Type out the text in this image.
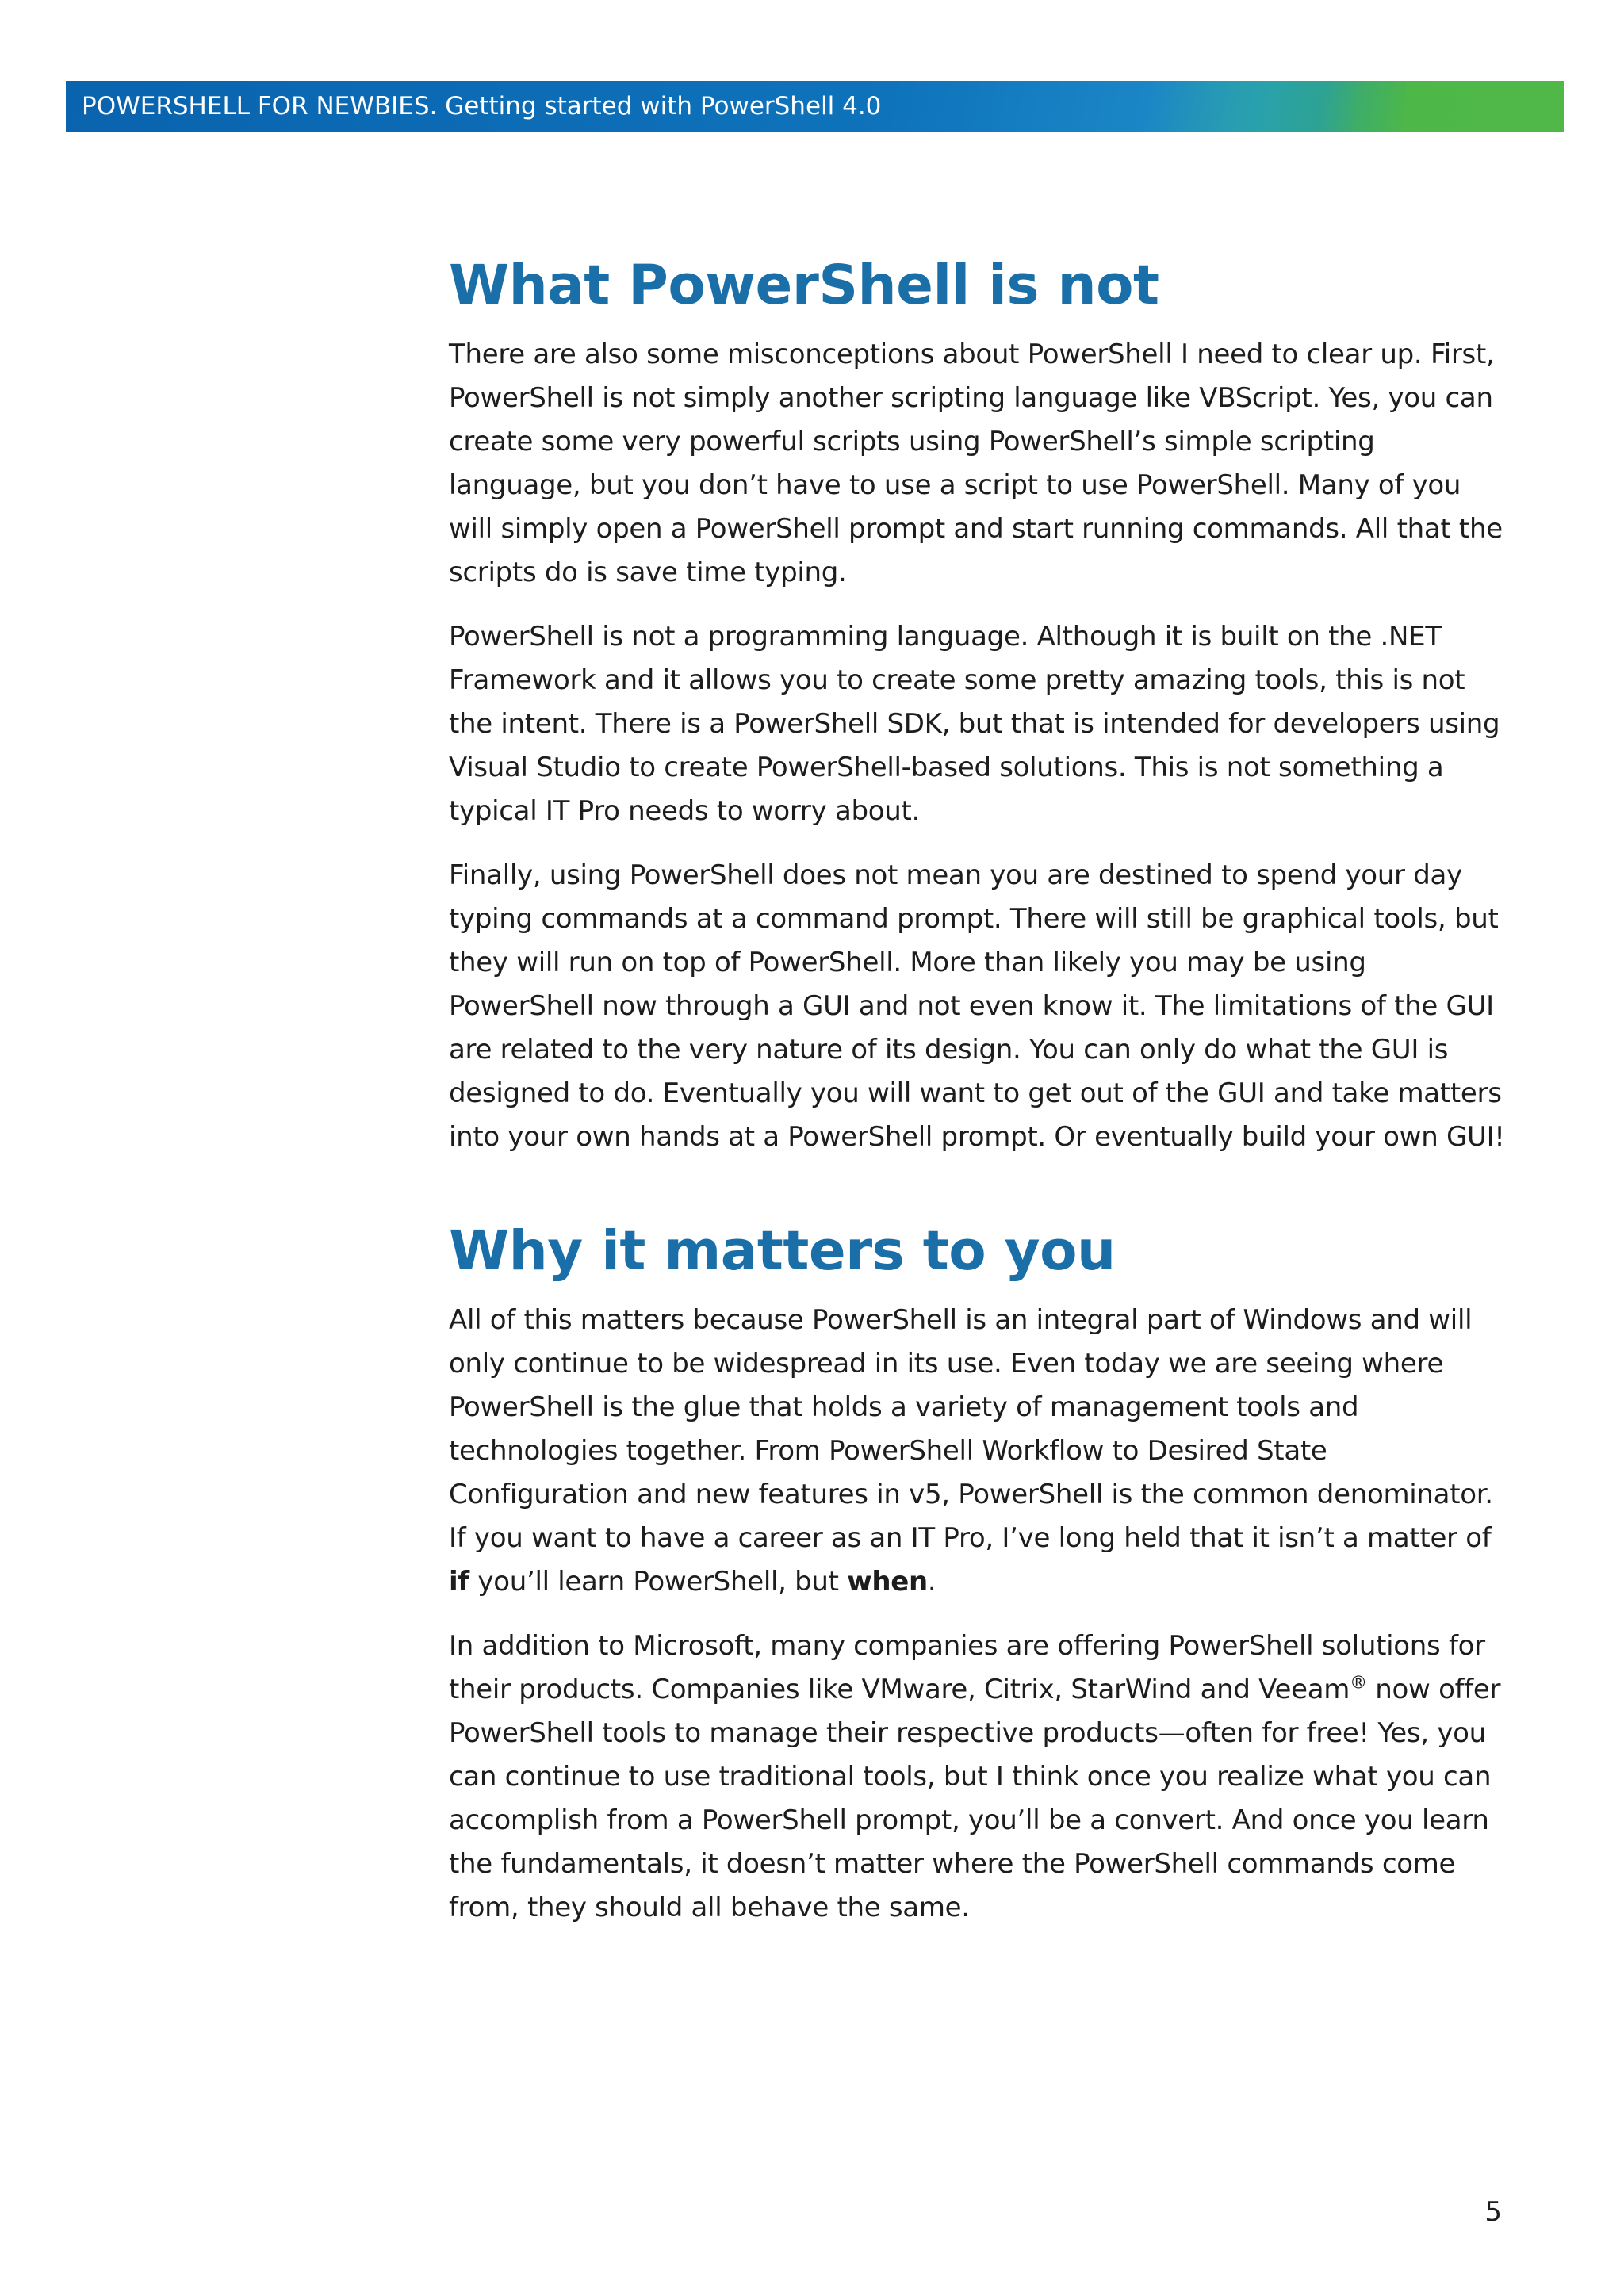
POWERSHELL FOR NEWBIES. Getting started with PowerShell 4.0
What PowerShell is not

There are also some misconceptions about PowerShell I need to clear up. First, PowerShell is not simply another scripting language like VBScript. Yes, you can create some very powerful scripts using PowerShell’s simple scripting language, but you don’t have to use a script to use PowerShell. Many of you will simply open a PowerShell prompt and start running commands. All that the scripts do is save time typing.

PowerShell is not a programming language. Although it is built on the .NET Framework and it allows you to create some pretty amazing tools, this is not the intent. There is a PowerShell SDK, but that is intended for developers using Visual Studio to create PowerShell-based solutions. This is not something a typical IT Pro needs to worry about.

Finally, using PowerShell does not mean you are destined to spend your day typing commands at a command prompt. There will still be graphical tools, but they will run on top of PowerShell. More than likely you may be using PowerShell now through a GUI and not even know it. The limitations of the GUI are related to the very nature of its design. You can only do what the GUI is designed to do. Eventually you will want to get out of the GUI and take matters into your own hands at a PowerShell prompt. Or eventually build your own GUI!

Why it matters to you

All of this matters because PowerShell is an integral part of Windows and will only continue to be widespread in its use. Even today we are seeing where PowerShell is the glue that holds a variety of management tools and technologies together. From PowerShell Workflow to Desired State Configuration and new features in v5, PowerShell is the common denominator. If you want to have a career as an IT Pro, I’ve long held that it isn’t a matter of if you’ll learn PowerShell, but when.

In addition to Microsoft, many companies are offering PowerShell solutions for their products. Companies like VMware, Citrix, StarWind and Veeam® now offer PowerShell tools to manage their respective products—often for free! Yes, you can continue to use traditional tools, but I think once you realize what you can accomplish from a PowerShell prompt, you’ll be a convert. And once you learn the fundamentals, it doesn’t matter where the PowerShell commands come from, they should all behave the same.

5
